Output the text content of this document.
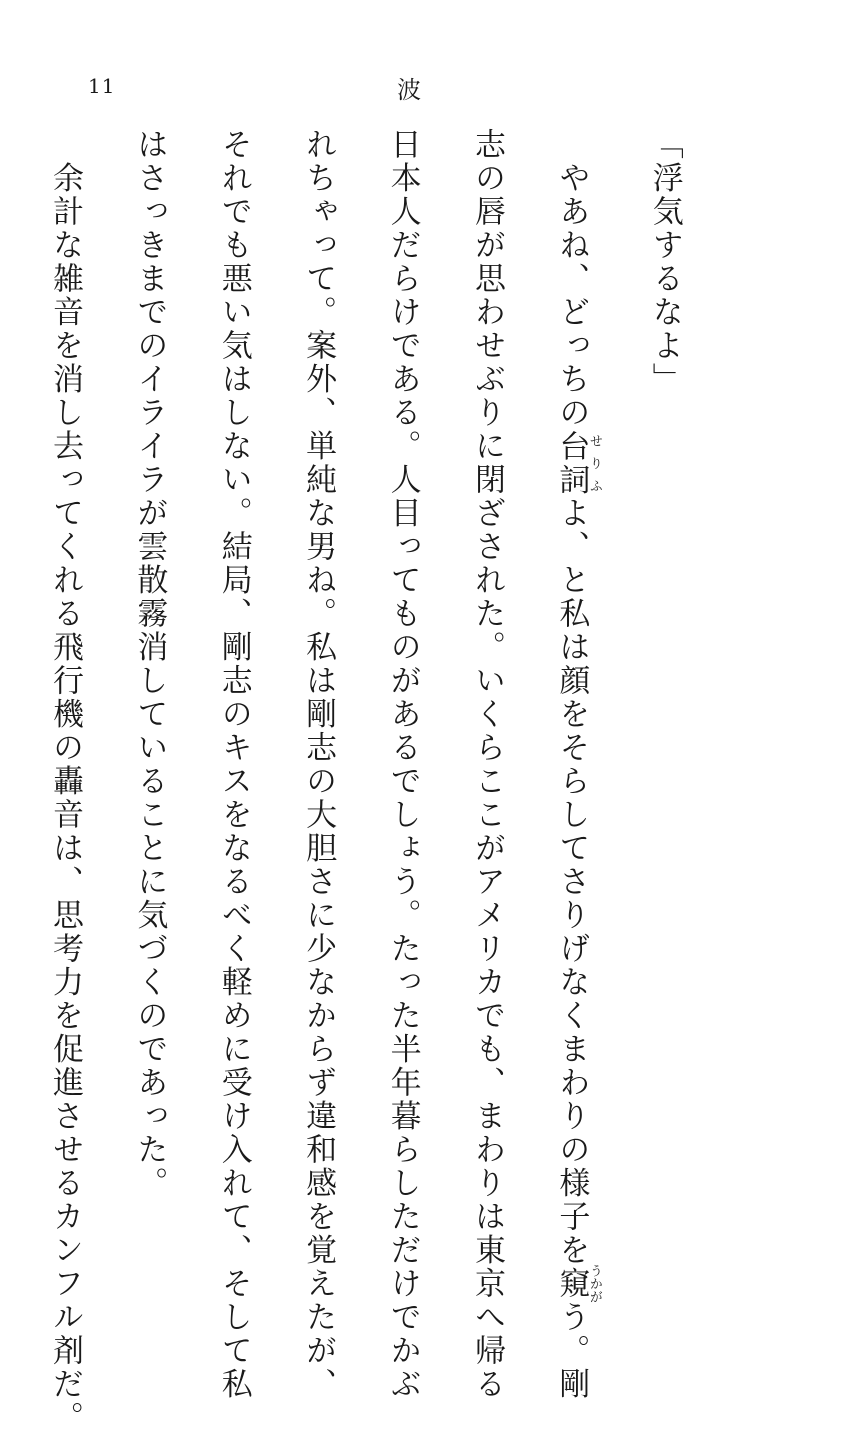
11	波

「浮気するなよ」

　やあね、どっちの台詞せりふよ、と私は顔をそらしてさりげなくまわりの様子を窺うかがう。剛

志の唇が思わせぶりに閉ざされた。いくらここがアメリカでも、まわりは東京へ帰る

日本人だらけである。人目ってものがあるでしょう。たった半年暮らしただけでかぶ

れちゃって。案外、単純な男ね。私は剛志の大胆さに少なからず違和感を覚えたが、

それでも悪い気はしない。結局、剛志のキスをなるべく軽めに受け入れて、そして私

はさっきまでのイライラが雲散霧消していることに気づくのであった。

　余計な雑音を消し去ってくれる飛行機の轟音は、思考力を促進させるカンフル剤だ。
